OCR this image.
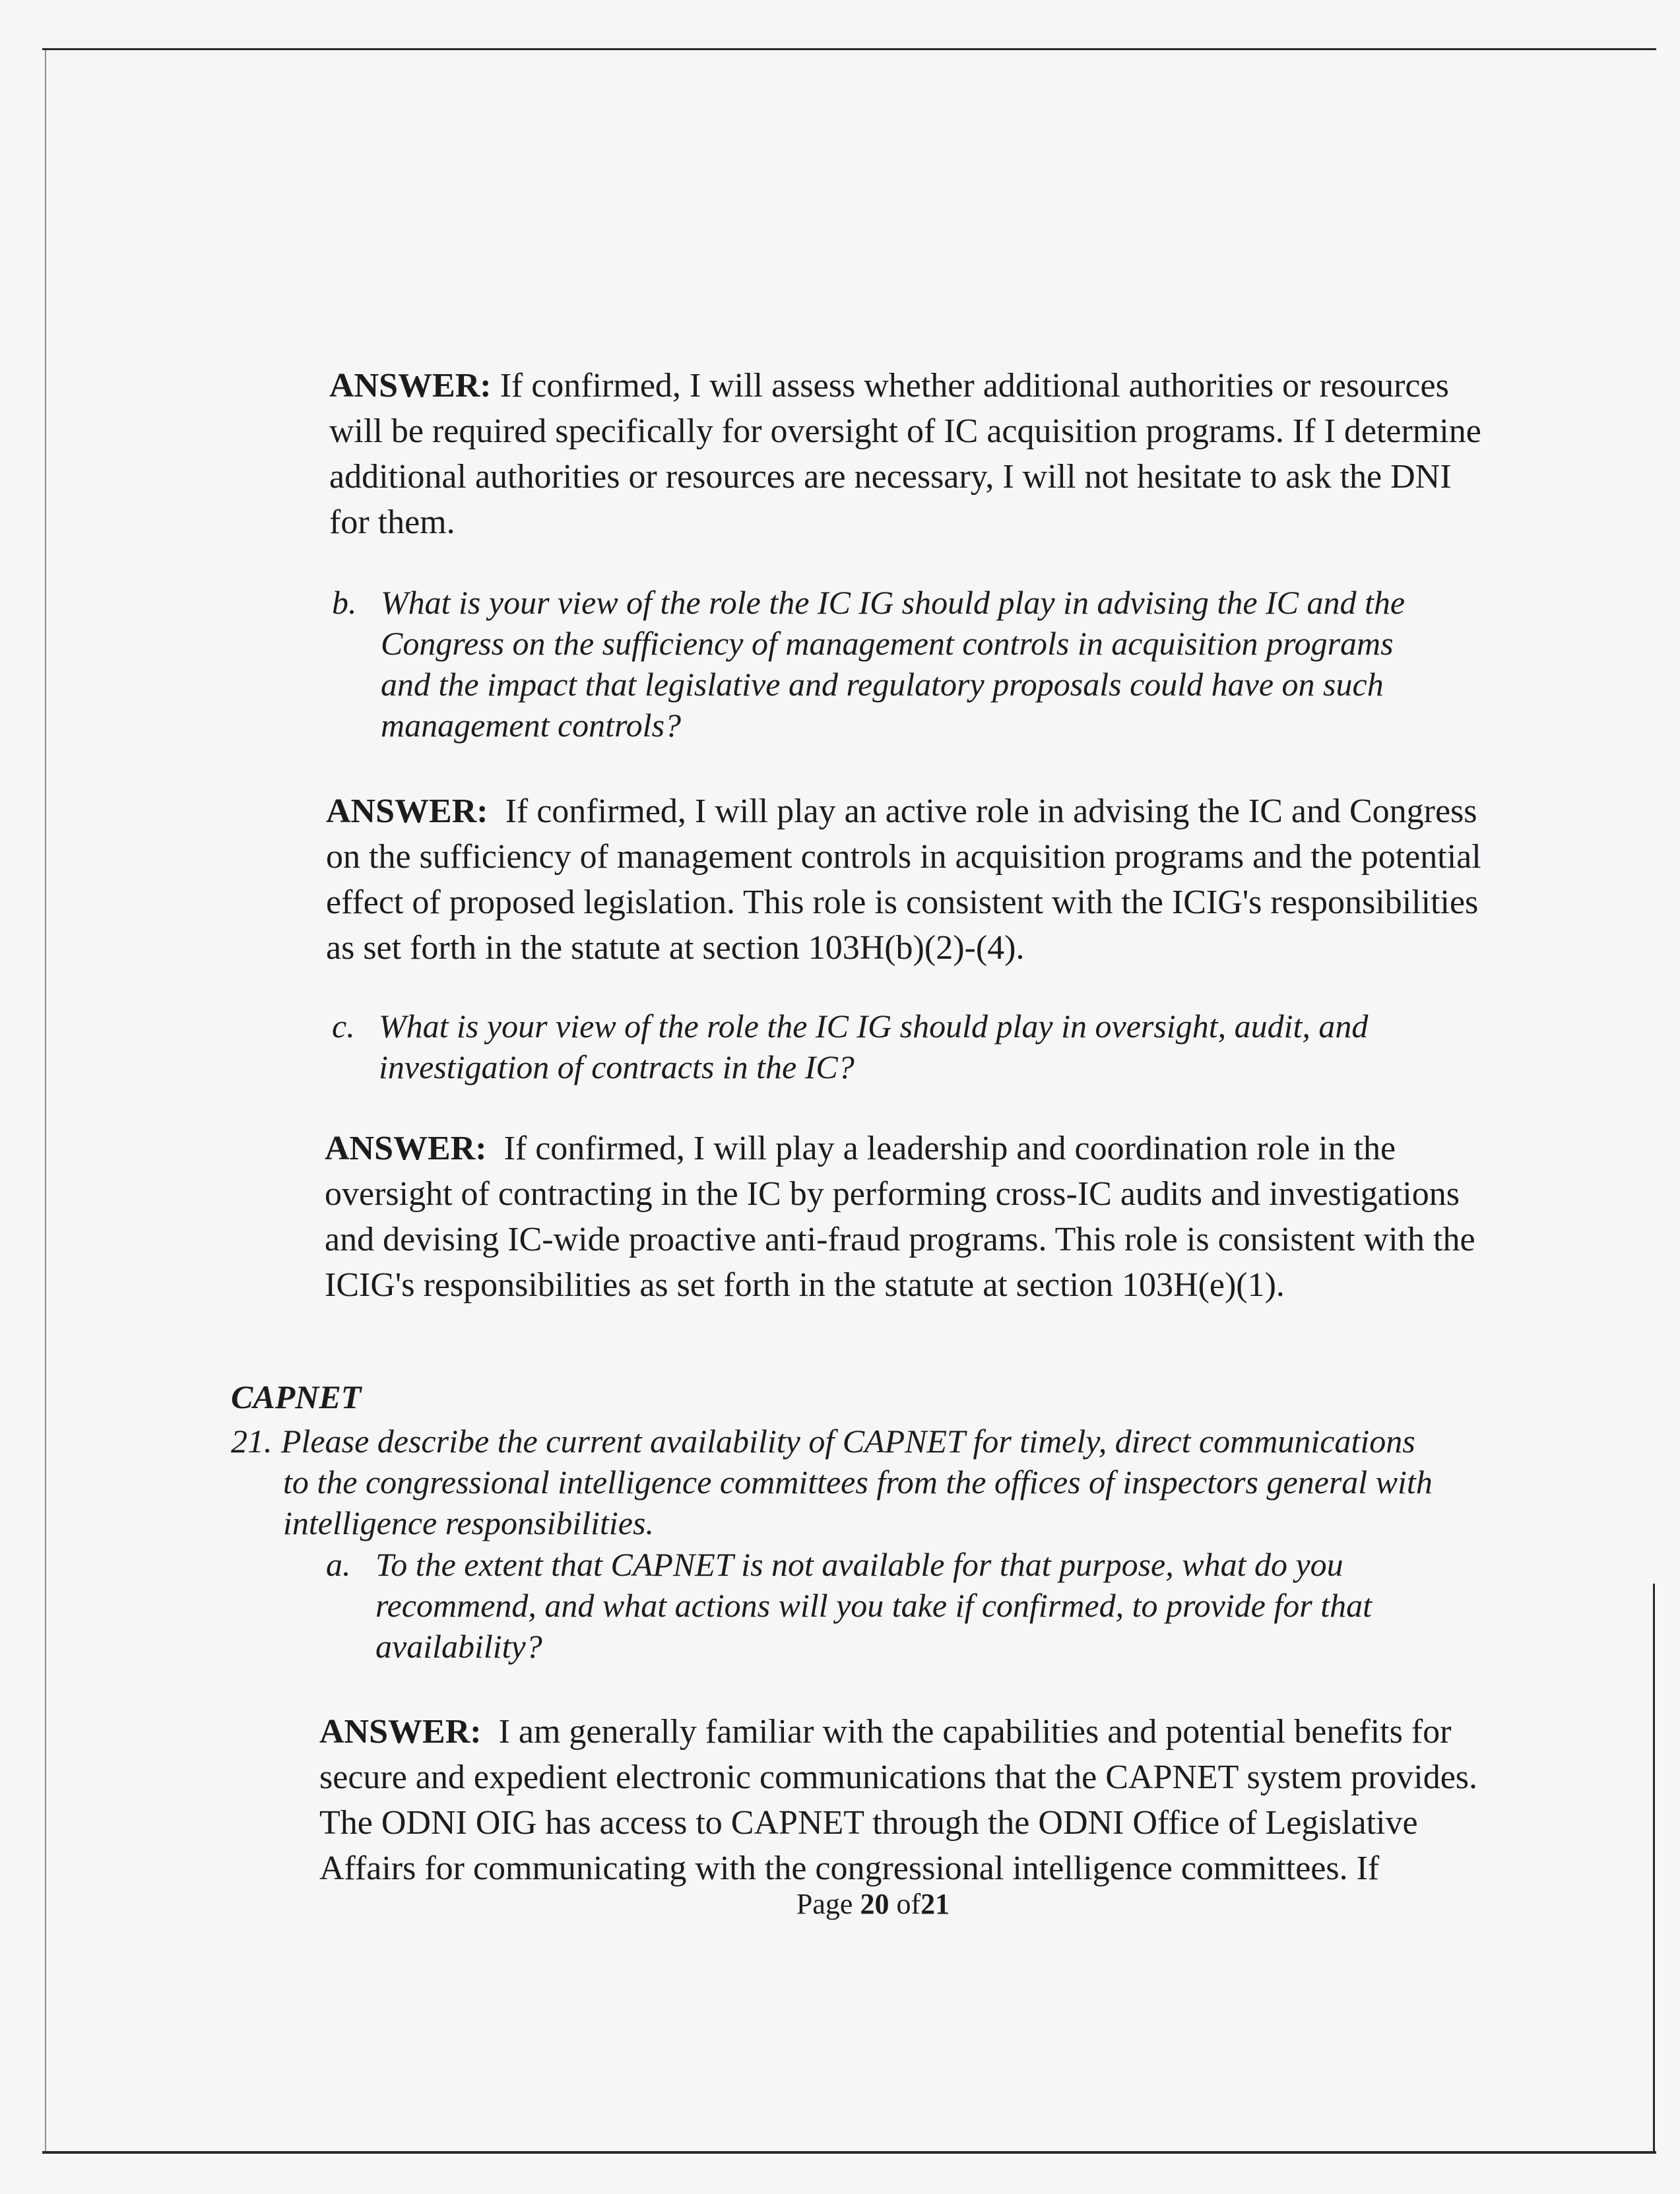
ANSWER: If confirmed, I will assess whether additional authorities or resources
will be required specifically for oversight of IC acquisition programs. If I determine
additional authorities or resources are necessary, I will not hesitate to ask the DNI
for them.
b. What is your view of the role the IC IG should play in advising the IC and the
Congress on the sufficiency of management controls in acquisition programs
and the impact that legislative and regulatory proposals could have on such
management controls?
ANSWER: If confirmed, I will play an active role in advising the IC and Congress
on the sufficiency of management controls in acquisition programs and the potential
effect of proposed legislation. This role is consistent with the ICIG's responsibilities
as set forth in the statute at section 103H(b)(2)-(4).
c. What is your view of the role the IC IG should play in oversight, audit, and
investigation of contracts in the IC?
ANSWER: If confirmed, I will play a leadership and coordination role in the
oversight of contracting in the IC by performing cross-IC audits and investigations
and devising IC-wide proactive anti-fraud programs. This role is consistent with the
ICIG's responsibilities as set forth in the statute at section 103H(e)(1).
CAPNET
21. Please describe the current availability of CAPNET for timely, direct communications
to the congressional intelligence committees from the offices of inspectors general with
intelligence responsibilities.
a. To the extent that CAPNET is not available for that purpose, what do you
recommend, and what actions will you take if confirmed, to provide for that
availability?
ANSWER: I am generally familiar with the capabilities and potential benefits for
secure and expedient electronic communications that the CAPNET system provides.
The ODNI OIG has access to CAPNET through the ODNI Office of Legislative
Affairs for communicating with the congressional intelligence committees. If
Page 20 of21
